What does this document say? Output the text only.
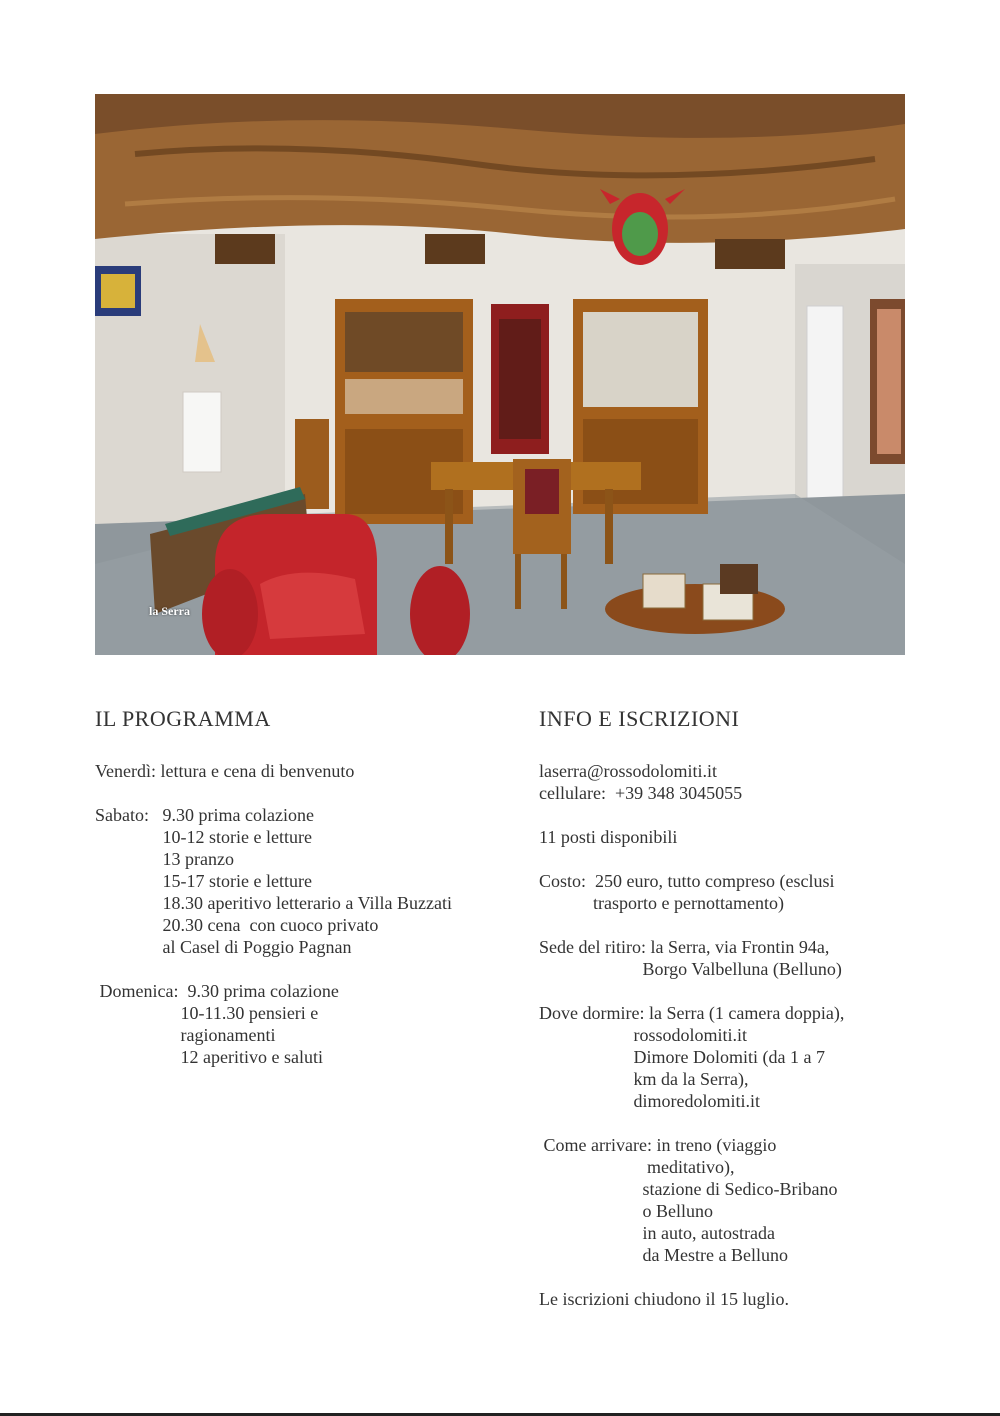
la Serra
IL PROGRAMMA
Venerdì: lettura e cena di benvenuto
Sabato:   9.30 prima colazione
10-12 storie e letture
13 pranzo
15-17 storie e letture
18.30 aperitivo letterario a Villa Buzzati
20.30 cena  con cuoco privato
al Casel di Poggio Pagnan
Domenica:  9.30 prima colazione
10-11.30 pensieri e
ragionamenti
12 aperitivo e saluti
INFO E ISCRIZIONI
laserra@rossodolomiti.it
cellulare:  +39 348 3045055
11 posti disponibili
Costo:  250 euro, tutto compreso (esclusi
trasporto e pernottamento)
Sede del ritiro: la Serra, via Frontin 94a,
Borgo Valbelluna (Belluno)
Dove dormire: la Serra (1 camera doppia),
rossodolomiti.it
Dimore Dolomiti (da 1 a 7
km da la Serra),
dimoredolomiti.it
Come arrivare: in treno (viaggio
meditativo),
stazione di Sedico-Bribano
o Belluno
in auto, autostrada
da Mestre a Belluno
Le iscrizioni chiudono il 15 luglio.
